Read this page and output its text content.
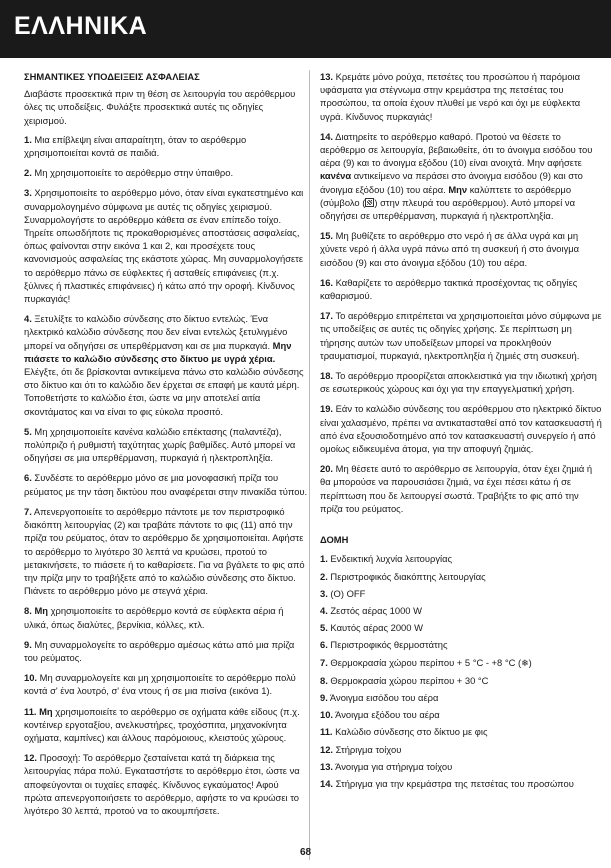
ΕΛΛΗΝΙΚΑ
ΣΗΜΑΝΤΙΚΕΣ ΥΠΟΔΕΙΞΕΙΣ ΑΣΦΑΛΕΙΑΣ
Διαβάστε προσεκτικά πριν τη θέση σε λειτουργία του αερόθερμου όλες τις υποδείξεις. Φυλάξτε προσεκτικά αυτές τις οδηγίες χειρισμού.
1. Μια επίβλεψη είναι απαραίτητη, όταν το αερόθερμο χρησιμοποιείται κοντά σε παιδιά.
2. Μη χρησιμοποιείτε το αερόθερμο στην ύπαιθρο.
3. Χρησιμοποιείτε το αερόθερμο μόνο, όταν είναι εγκατεστημένο και συναρμολογημένο σύμφωνα με αυτές τις οδηγίες χειρισμού. Συναρμολογήστε το αερόθερμο κάθετα σε έναν επίπεδο τοίχο. Τηρείτε οπωσδήποτε τις προκαθορισμένες αποστάσεις ασφαλείας, όπως φαίνονται στην εικόνα 1 και 2, και προσέχετε τους κανονισμούς ασφαλείας της εκάστοτε χώρας. Μη συναρμολογήσετε το αερόθερμο πάνω σε εύφλεκτες ή ασταθείς επιφάνειες (π.χ. ξύλινες ή πλαστικές επιφάνειες) ή κάτω από την οροφή. Κίνδυνος πυρκαγιάς!
4. Ξετυλίξτε το καλώδιο σύνδεσης στο δίκτυο εντελώς. Ένα ηλεκτρικό καλώδιο σύνδεσης που δεν είναι εντελώς ξετυλιγμένο μπορεί να οδηγήσει σε υπερθέρμανση και σε μια πυρκαγιά. Μην πιάσετε το καλώδιο σύνδεσης στο δίκτυο με υγρά χέρια. Ελέγξτε, ότι δε βρίσκονται αντικείμενα πάνω στο καλώδιο σύνδεσης στο δίκτυο και ότι το καλώδιο δεν έρχεται σε επαφή με καυτά μέρη. Τοποθετήστε το καλώδιο έτσι, ώστε να μην αποτελεί αιτία σκοντάματος και να είναι το φις εύκολα προσιτό.
5. Μη χρησιμοποιείτε κανένα καλώδιο επέκτασης (παλαντέζα), πολύπριζο ή ρυθμιστή ταχύτητας χωρίς βαθμίδες. Αυτό μπορεί να οδηγήσει σε μια υπερθέρμανση, πυρκαγιά ή ηλεκτροπληξία.
6. Συνδέστε το αερόθερμο μόνο σε μια μονοφασική πρίζα του ρεύματος με την τάση δικτύου που αναφέρεται στην πινακίδα τύπου.
7. Απενεργοποιείτε το αερόθερμο πάντοτε με τον περιστροφικό διακόπτη λειτουργίας (2) και τραβάτε πάντοτε το φις (11) από την πρίζα του ρεύματος, όταν το αερόθερμο δε χρησιμοποιείται. Αφήστε το αερόθερμο το λιγότερο 30 λεπτά να κρυώσει, προτού το μετακινήσετε, το πιάσετε ή το καθαρίσετε. Για να βγάλετε το φις από την πρίζα μην το τραβήξετε από το καλώδιο σύνδεσης στο δίκτυο. Πιάνετε το αερόθερμο μόνο με στεγνά χέρια.
8. Μη χρησιμοποιείτε το αερόθερμο κοντά σε εύφλεκτα αέρια ή υλικά, όπως διαλύτες, βερνίκια, κόλλες, κτλ.
9. Μη συναρμολογείτε το αερόθερμο αμέσως κάτω από μια πρίζα του ρεύματος.
10. Μη συναρμολογείτε και μη χρησιμοποιείτε το αερόθερμο πολύ κοντά σ' ένα λουτρό, σ' ένα ντους ή σε μια πισίνα (εικόνα 1).
11. Μη χρησιμοποιείτε το αερόθερμο σε οχήματα κάθε είδους (π.χ. κοντέινερ εργοταξίου, ανελκυστήρες, τροχόσπιτα, μηχανοκίνητα οχήματα, καμπίνες) και άλλους παρόμοιους, κλειστούς χώρους.
12. Προσοχή: Το αερόθερμο ζεσταίνεται κατά τη διάρκεια της λειτουργίας πάρα πολύ. Εγκαταστήστε το αερόθερμο έτσι, ώστε να αποφεύγονται οι τυχαίες επαφές. Κίνδυνος εγκαύματος! Αφού πρώτα απενεργοποιήσετε το αερόθερμο, αφήστε το να κρυώσει το λιγότερο 30 λεπτά, προτού να το ακουμπήσετε.
13. Κρεμάτε μόνο ρούχα, πετσέτες του προσώπου ή παρόμοια υφάσματα για στέγνωμα στην κρεμάστρα της πετσέτας του προσώπου, τα οποία έχουν πλυθεί με νερό και όχι με εύφλεκτα υγρά. Κίνδυνος πυρκαγιάς!
14. Διατηρείτε το αερόθερμο καθαρό. Προτού να θέσετε το αερόθερμο σε λειτουργία, βεβαιωθείτε, ότι το άνοιγμα εισόδου του αέρα (9) και το άνοιγμα εξόδου (10) είναι ανοιχτά. Μην αφήσετε κανένα αντικείμενο να περάσει στο άνοιγμα εισόδου (9) και στο άνοιγμα εξόδου (10) του αέρα. Μην καλύπτετε το αερόθερμο (σύμβολο ( ) στην πλευρά του αερόθερμου). Αυτό μπορεί να οδηγήσει σε υπερθέρμανση, πυρκαγιά ή ηλεκτροπληξία.
15. Μη βυθίζετε το αερόθερμο στο νερό ή σε άλλα υγρά και μη χύνετε νερό ή άλλα υγρά πάνω από τη συσκευή ή στο άνοιγμα εισόδου (9) και στο άνοιγμα εξόδου (10) του αέρα.
16. Καθαρίζετε το αερόθερμο τακτικά προσέχοντας τις οδηγίες καθαρισμού.
17. Το αερόθερμο επιτρέπεται να χρησιμοποιείται μόνο σύμφωνα με τις υποδείξεις σε αυτές τις οδηγίες χρήσης. Σε περίπτωση μη τήρησης αυτών των υποδείξεων μπορεί να προκληθούν τραυματισμοί, πυρκαγιά, ηλεκτροπληξία ή ζημιές στη συσκευή.
18. Το αερόθερμο προορίζεται αποκλειστικά για την ιδιωτική χρήση σε εσωτερικούς χώρους και όχι για την επαγγελματική χρήση.
19. Εάν το καλώδιο σύνδεσης του αερόθερμου στο ηλεκτρικό δίκτυο είναι χαλασμένο, πρέπει να αντικατασταθεί από τον κατασκευαστή ή από ένα εξουσιοδοτημένο από τον κατασκευαστή συνεργείο ή από ομοίως ειδικευμένα άτομα, για την αποφυγή ζημιάς.
20. Μη θέσετε αυτό το αερόθερμο σε λειτουργία, όταν έχει ζημιά ή θα μπορούσε να παρουσιάσει ζημιά, να έχει πέσει κάτω ή σε περίπτωση που δε λειτουργεί σωστά. Τραβήξτε το φις από την πρίζα του ρεύματος.
ΔΟΜΗ
1. Ενδεικτική λυχνία λειτουργίας
2. Περιστροφικός διακόπτης λειτουργίας
3. (O) OFF
4. Ζεστός αέρας 1000 W
5. Καυτός αέρας 2000 W
6. Περιστροφικός θερμοστάτης
7. Θερμοκρασία χώρου περίπου + 5 °C - +8 °C (❄)
8. Θερμοκρασία χώρου περίπου + 30 °C
9. Άνοιγμα εισόδου του αέρα
10. Άνοιγμα εξόδου του αέρα
11. Καλώδιο σύνδεσης στο δίκτυο με φις
12. Στήριγμα τοίχου
13. Άνοιγμα για στήριγμα τοίχου
14. Στήριγμα για την κρεμάστρα της πετσέτας του προσώπου
68
